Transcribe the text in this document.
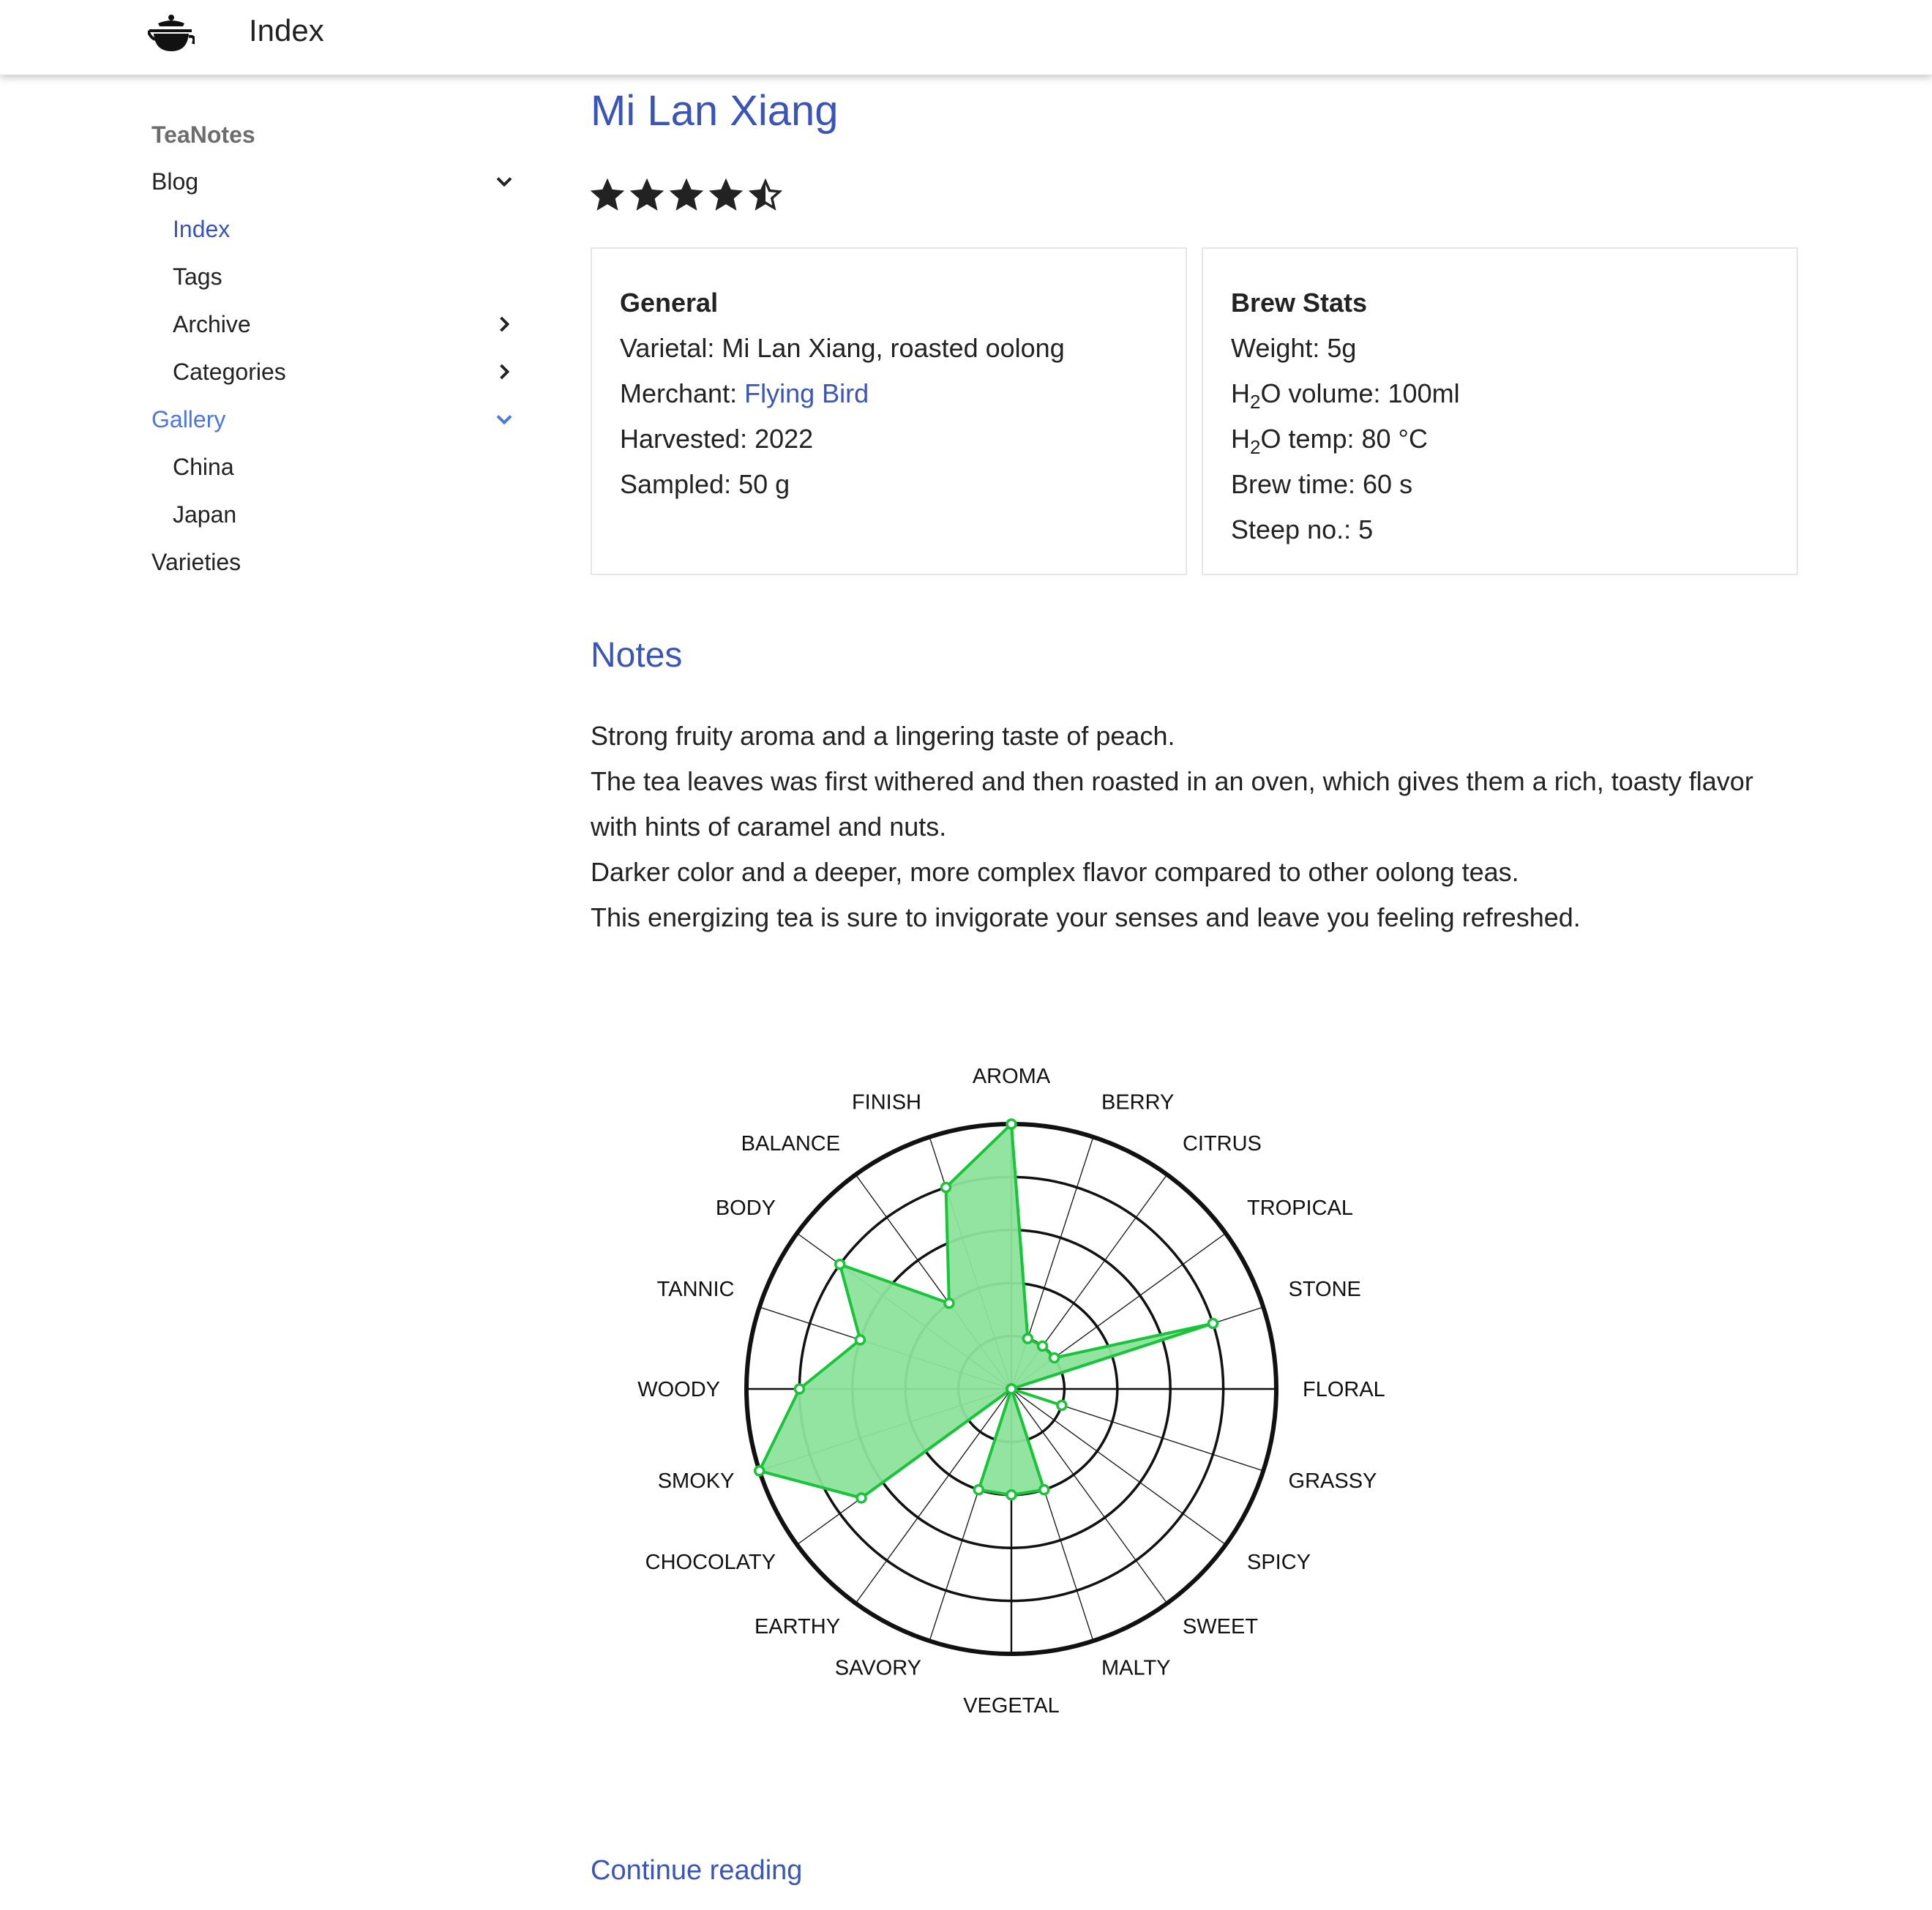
Index
TeaNotes
Blog
Index
Tags
Archive
Categories
Gallery
China
Japan
Varieties
Mi Lan Xiang
General
Varietal: Mi Lan Xiang, roasted oolong
Merchant: Flying Bird
Harvested: 2022
Sampled: 50 g
Brew Stats
Weight: 5g
$H_2O$ volume: 100ml
$H_2O$ temp: 80 °C
Brew time: 60 s
Steep no.: 5
Notes

Strong fruity aroma and a lingering taste of peach.

The tea leaves was first withered and then roasted in an oven, which gives them a rich, toasty flavor with hints of caramel and nuts.

Darker color and a deeper, more complex flavor compared to other oolong teas.

This energizing tea is sure to invigorate your senses and leave you feeling refreshed.

AROMA
BERRY
CITRUS
TROPICAL
STONE
FLORAL
GRASSY
SPICY
SWEET
MALTY
VEGETAL
SAVORY
EARTHY
CHOCOLATY
SMOKY
WOODY
TANNIC
BODY
BALANCE
FINISH
Continue reading
